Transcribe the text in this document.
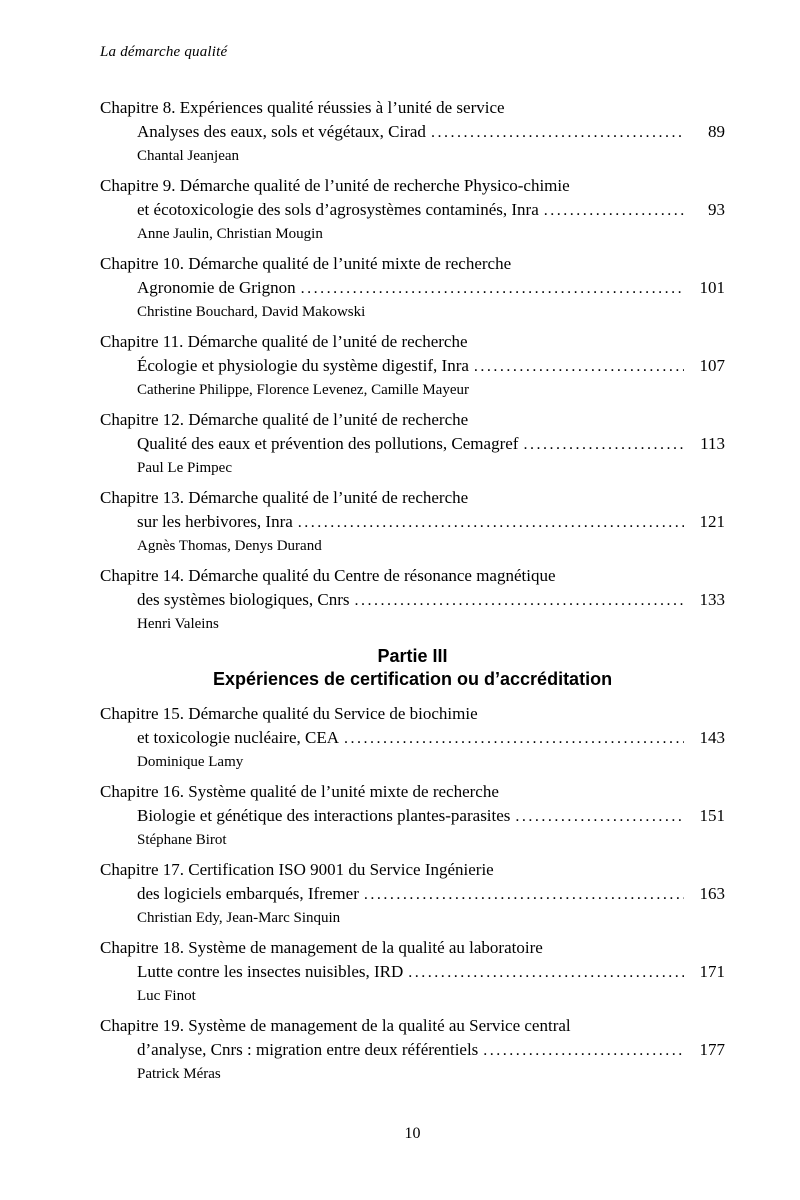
La démarche qualité
Chapitre 8. Expériences qualité réussies à l’unité de service
Analyses des eaux, sols et végétaux, Cirad .....	89
Chantal Jeanjean
Chapitre 9. Démarche qualité de l’unité de recherche Physico-chimie
et écotoxicologie des sols d’agrosystèmes contaminés, Inra .....	93
Anne Jaulin, Christian Mougin
Chapitre 10. Démarche qualité de l’unité mixte de recherche
Agronomie de Grignon .....	101
Christine Bouchard, David Makowski
Chapitre 11. Démarche qualité de l’unité de recherche
Écologie et physiologie du système digestif, Inra .....	107
Catherine Philippe, Florence Levenez, Camille Mayeur
Chapitre 12. Démarche qualité de l’unité de recherche
Qualité des eaux et prévention des pollutions, Cemagref .....	113
Paul Le Pimpec
Chapitre 13. Démarche qualité de l’unité de recherche
sur les herbivores, Inra .....	121
Agnès Thomas, Denys Durand
Chapitre 14. Démarche qualité du Centre de résonance magnétique
des systèmes biologiques, Cnrs .....	133
Henri Valeins
Partie III
Expériences de certification ou d’accréditation
Chapitre 15. Démarche qualité du Service de biochimie
et toxicologie nucléaire, CEA .....	143
Dominique Lamy
Chapitre 16. Système qualité de l’unité mixte de recherche
Biologie et génétique des interactions plantes-parasites .....	151
Stéphane Birot
Chapitre 17. Certification ISO 9001 du Service Ingénierie
des logiciels embarqués, Ifremer .....	163
Christian Edy, Jean-Marc Sinquin
Chapitre 18. Système de management de la qualité au laboratoire
Lutte contre les insectes nuisibles, IRD .....	171
Luc Finot
Chapitre 19. Système de management de la qualité au Service central
d’analyse, Cnrs : migration entre deux référentiels .....	177
Patrick Méras
10
